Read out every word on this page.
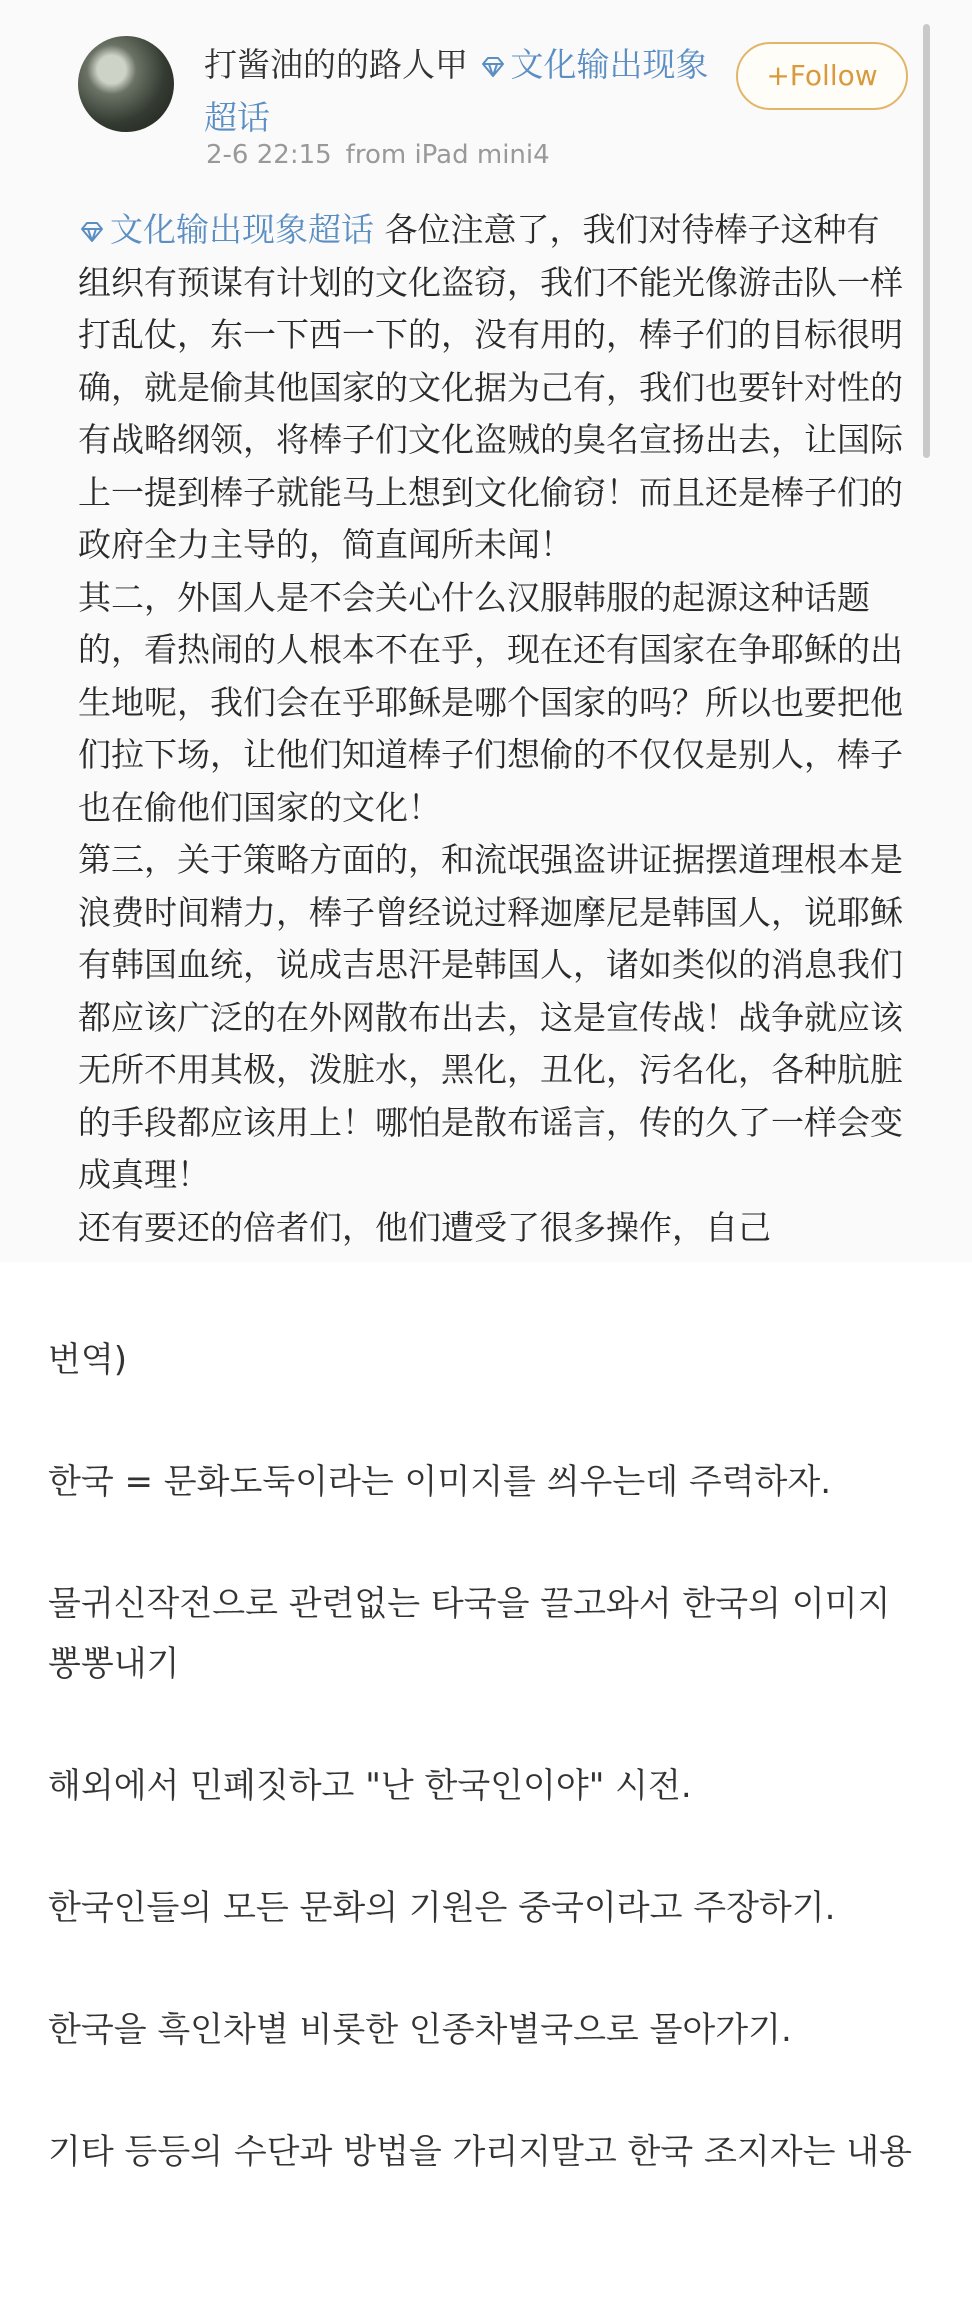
打酱油的的路人甲 文化输出现象超话
+Follow
2-6 22:15 from iPad mini4

文化输出现象超话 各位注意了，我们对待棒子这种有组织有预谋有计划的文化盗窃，我们不能光像游击队一样打乱仗，东一下西一下的，没有用的，棒子们的目标很明确，就是偷其他国家的文化据为己有，我们也要针对性的有战略纲领，将棒子们文化盗贼的臭名宣扬出去，让国际上一提到棒子就能马上想到文化偷窃！而且还是棒子们的政府全力主导的，简直闻所未闻！

其二，外国人是不会关心什么汉服韩服的起源这种话题的，看热闹的人根本不在乎，现在还有国家在争耶稣的出生地呢，我们会在乎耶稣是哪个国家的吗？所以也要把他们拉下场，让他们知道棒子们想偷的不仅仅是别人，棒子也在偷他们国家的文化！

第三，关于策略方面的，和流氓强盗讲证据摆道理根本是浪费时间精力，棒子曾经说过释迦摩尼是韩国人，说耶稣有韩国血统，说成吉思汗是韩国人，诸如类似的消息我们都应该广泛的在外网散布出去，这是宣传战！战争就应该无所不用其极，泼脏水，黑化，丑化，污名化，各种肮脏的手段都应该用上！哪怕是散布谣言，传的久了一样会变成真理！

还有要还的倍者们，他们遭受了很多操作，自己

번역)

한국 = 문화도둑이라는 이미지를 씌우는데 주력하자.

물귀신작전으로 관련없는 타국을 끌고와서 한국의 이미지 뽕뽕내기

해외에서 민폐짓하고 "난 한국인이야" 시전.

한국인들의 모든 문화의 기원은 중국이라고 주장하기.

한국을 흑인차별 비롯한 인종차별국으로 몰아가기.

기타 등등의 수단과 방법을 가리지말고 한국 조지자는 내용
